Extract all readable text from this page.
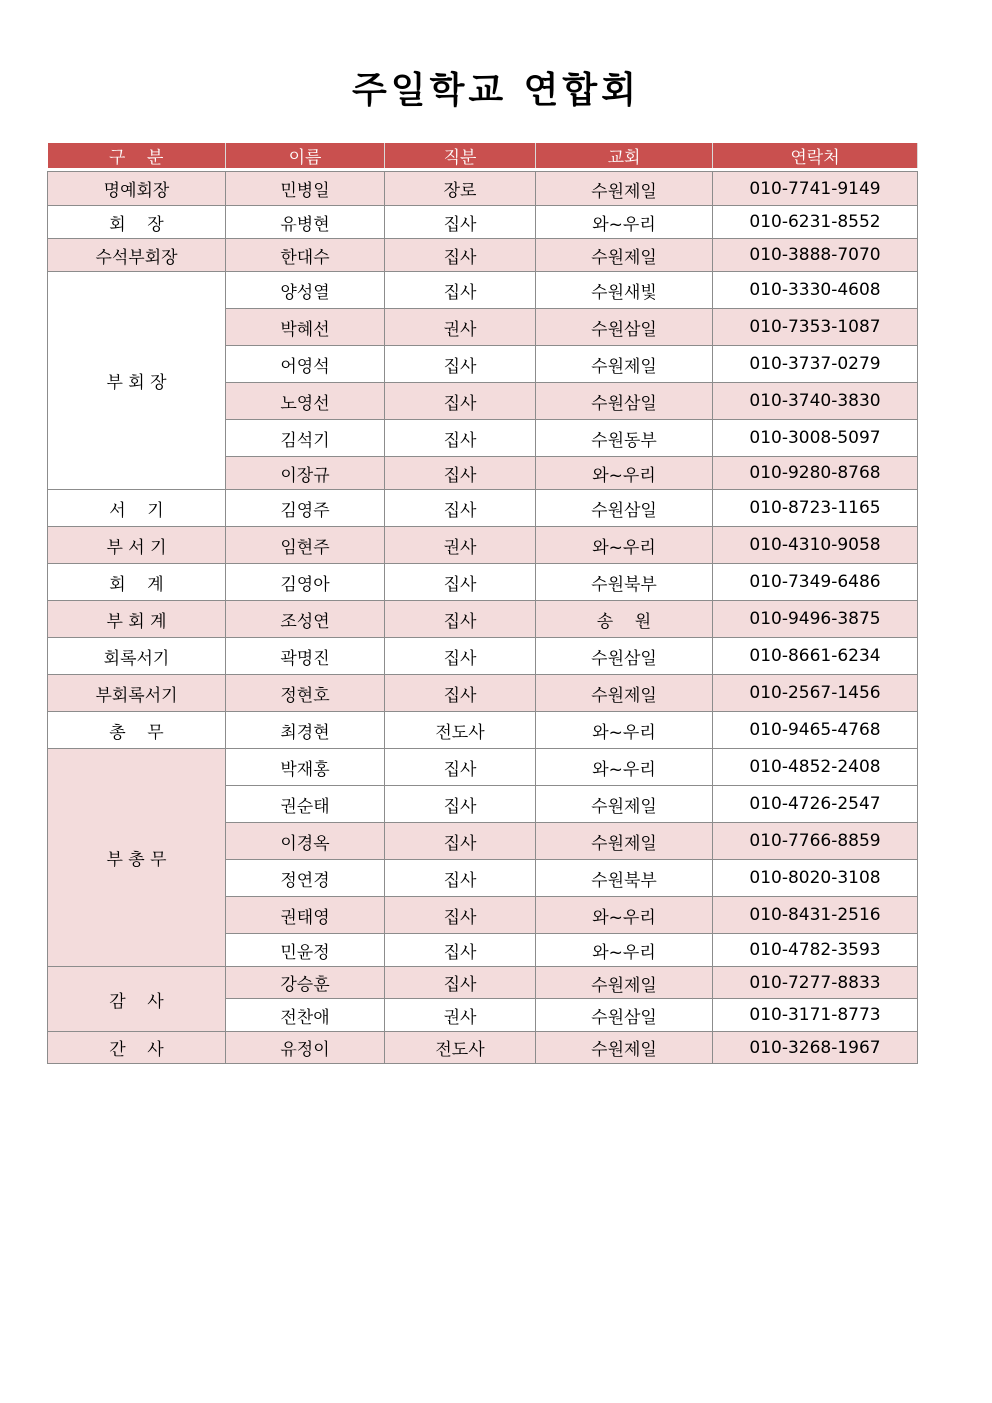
주일학교 연합회
구    분	이름	직분	교회	연락처

명예회장	민병일	장로	수원제일	010-7741-9149
회    장	유병현	집사	와~우리	010-6231-8552
수석부회장	한대수	집사	수원제일	010-3888-7070
부 회 장	양성열	집사	수원새빛	010-3330-4608
	박혜선	권사	수원삼일	010-7353-1087
	어영석	집사	수원제일	010-3737-0279
	노영선	집사	수원삼일	010-3740-3830
	김석기	집사	수원동부	010-3008-5097
	이장규	집사	와~우리	010-9280-8768
서    기	김영주	집사	수원삼일	010-8723-1165
부 서 기	임현주	권사	와~우리	010-4310-9058
회    계	김영아	집사	수원북부	010-7349-6486
부 회 계	조성연	집사	송    원	010-9496-3875
회록서기	곽명진	집사	수원삼일	010-8661-6234
부회록서기	정현호	집사	수원제일	010-2567-1456
총    무	최경현	전도사	와~우리	010-9465-4768
부 총 무	박재홍	집사	와~우리	010-4852-2408
	권순태	집사	수원제일	010-4726-2547
	이경옥	집사	수원제일	010-7766-8859
	정연경	집사	수원북부	010-8020-3108
	권태영	집사	와~우리	010-8431-2516
	민윤정	집사	와~우리	010-4782-3593
감    사	강승훈	집사	수원제일	010-7277-8833
	전찬애	권사	수원삼일	010-3171-8773
간    사	유정이	전도사	수원제일	010-3268-1967
